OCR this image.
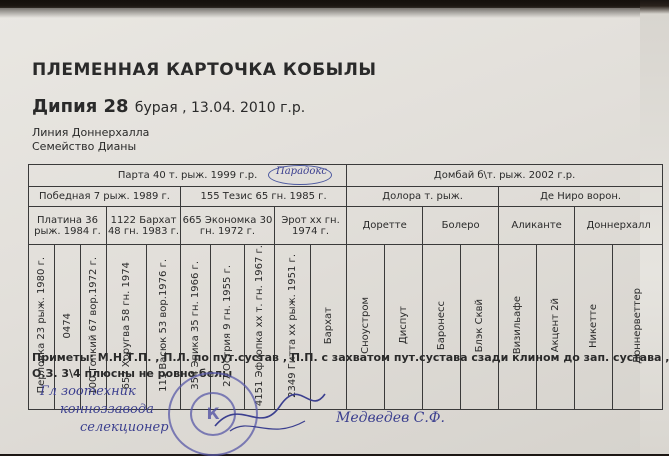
ПЛЕМЕННАЯ КАРТОЧКА КОБЫЛЫ
Дипия 28 бурая , 13.04. 2010 г.р.
Линия Доннерхалла
Семейство Дианы
Партa 40 т. рыж. 1999 г.р.										Домбай б\т. рыж. 2002 г.р.							
Победная 7 рыж. 1989 г.					155 Тезис 65 гн. 1985 г.					Долора т. рыж.				Де Ниро ворон.			
Платина 36 рыж. 1984 г.			1122 Бархат 48 гн. 1983 г.		665 Экономка 30 гн. 1972 г.			Эрот хх гн. 1974 г.		Доретте		Болеро		Аликанте		Доннерхалл	
Перловка 23 рыж. 1980 г.	0474	100 Топкий 67 вор.1972 г.	657 Хоругва 58 гн. 1974	111 Васюк 53 вор.1976 г.	354 Эпика 35 гн. 1966 г.	27 Острия 9 гн. 1955 г.	4151 Эфиопка хх т. гн. 1967 г.	2349 Гитта хх рыж. 1951 г.	Бархат	Сноустром	Диспут	Баронесс	Блэк Сквй	Визильафе	Акцент 2й	Никетте	Доннерветтер
Парадокс
Приметы: М.Н.Т.П. , П.Л. по пут.сустав , П.П. с захватом пут.сустава сзади клином до зап. сустава ,
О.З. 3\4 плюсны не ровно белы
К
Гл зоотехник
конноззавода
селекционер
Медведев С.Ф.
